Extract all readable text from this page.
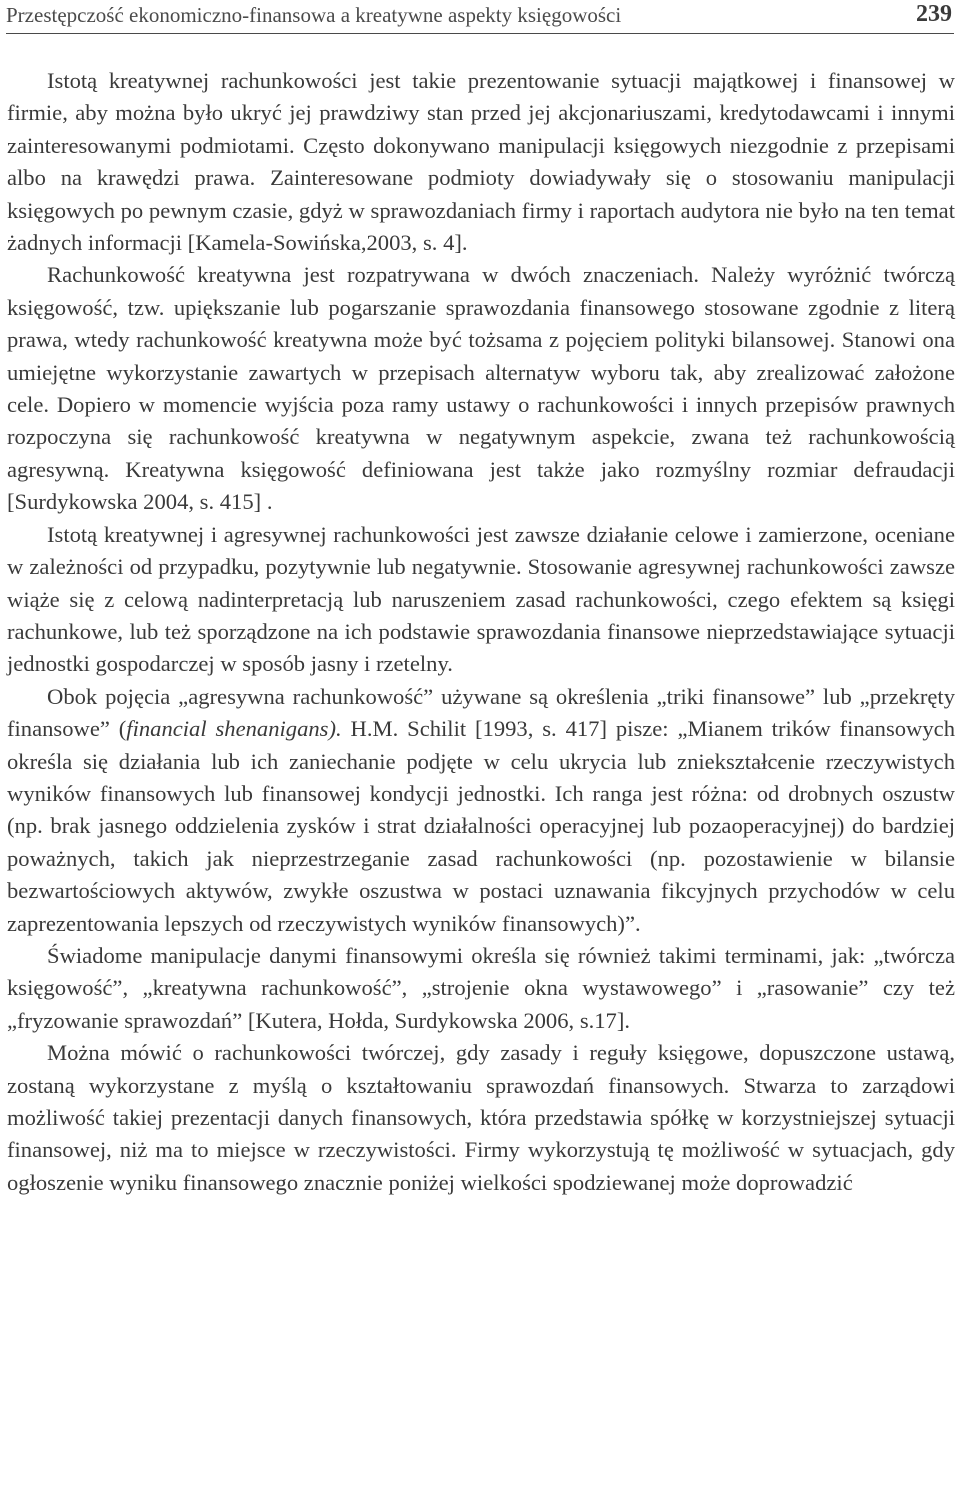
Przestępczość ekonomiczno-finansowa a kreatywne aspekty księgowości	239

Istotą kreatywnej rachunkowości jest takie prezentowanie sytuacji majątkowej i finansowej w firmie, aby można było ukryć jej prawdziwy stan przed jej akcjonariuszami, kredytodawcami i innymi zainteresowanymi podmiotami. Często dokonywano manipulacji księgowych niezgodnie z przepisami albo na krawędzi prawa. Zainteresowane podmioty dowiadywały się o stosowaniu manipulacji księgowych po pewnym czasie, gdyż w sprawozdaniach firmy i raportach audytora nie było na ten temat żadnych informacji [Kamela-Sowińska,2003, s. 4].

Rachunkowość kreatywna jest rozpatrywana w dwóch znaczeniach. Należy wyróżnić twórczą księgowość, tzw. upiększanie lub pogarszanie sprawozdania finansowego stosowane zgodnie z literą prawa, wtedy rachunkowość kreatywna może być tożsama z pojęciem polityki bilansowej. Stanowi ona umiejętne wykorzystanie zawartych w przepisach alternatyw wyboru tak, aby zrealizować założone cele. Dopiero w momencie wyjścia poza ramy ustawy o rachunkowości i innych przepisów prawnych rozpoczyna się rachunkowość kreatywna w negatywnym aspekcie, zwana też rachunkowością agresywną. Kreatywna księgowość definiowana jest także jako rozmyślny rozmiar defraudacji [Surdykowska 2004, s. 415] .

Istotą kreatywnej i agresywnej rachunkowości jest zawsze działanie celowe i zamierzone, oceniane w zależności od przypadku, pozytywnie lub negatywnie. Stosowanie agresywnej rachunkowości zawsze wiąże się z celową nadinterpretacją lub naruszeniem zasad rachunkowości, czego efektem są księgi rachunkowe, lub też sporządzone na ich podstawie sprawozdania finansowe nieprzedstawiające sytuacji jednostki gospodarczej w sposób jasny i rzetelny.

Obok pojęcia „agresywna rachunkowość” używane są określenia „triki finansowe” lub „przekręty finansowe” (financial shenanigans). H.M. Schilit [1993, s. 417] pisze: „Mianem trików finansowych określa się działania lub ich zaniechanie podjęte w celu ukrycia lub zniekształcenie rzeczywistych wyników finansowych lub finansowej kondycji jednostki. Ich ranga jest różna: od drobnych oszustw (np. brak jasnego oddzielenia zysków i strat działalności operacyjnej lub pozaoperacyjnej) do bardziej poważnych, takich jak nieprzestrzeganie zasad rachunkowości (np. pozostawienie w bilansie bezwartościowych aktywów, zwykłe oszustwa w postaci uznawania fikcyjnych przychodów w celu zaprezentowania lepszych od rzeczywistych wyników finansowych)”.

Świadome manipulacje danymi finansowymi określa się również takimi terminami, jak: „twórcza księgowość”, „kreatywna rachunkowość”, „strojenie okna wystawowego” i „rasowanie” czy też „fryzowanie sprawozdań” [Kutera, Hołda, Surdykowska 2006, s.17].

Można mówić o rachunkowości twórczej, gdy zasady i reguły księgowe, dopuszczone ustawą, zostaną wykorzystane z myślą o kształtowaniu sprawozdań finansowych. Stwarza to zarządowi możliwość takiej prezentacji danych finansowych, która przedstawia spółkę w korzystniejszej sytuacji finansowej, niż ma to miejsce w rzeczywistości. Firmy wykorzystują tę możliwość w sytuacjach, gdy ogłoszenie wyniku finansowego znacznie poniżej wielkości spodziewanej może doprowadzić
